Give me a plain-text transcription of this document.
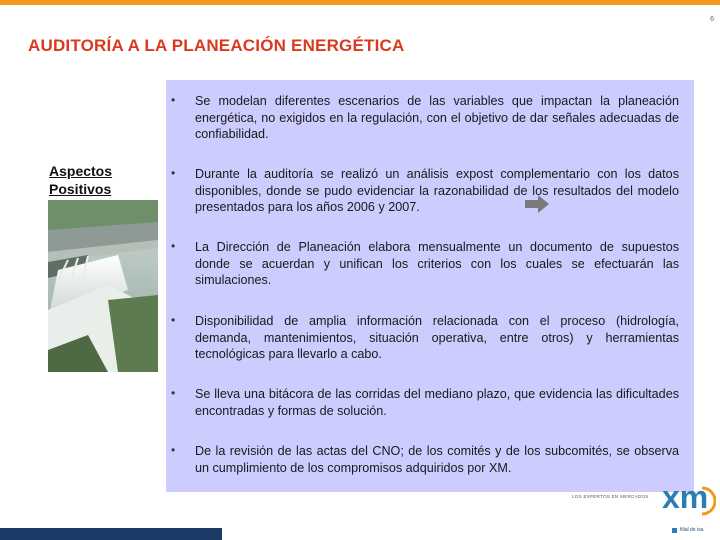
6
AUDITORÍA A LA PLANEACIÓN ENERGÉTICA
Aspectos Positivos
• Se modelan diferentes escenarios de las variables que impactan la planeación energética, no exigidos en la regulación, con el objetivo de dar señales adecuadas de confiabilidad.
• Durante la auditoría se realizó un análisis expost complementario con los datos disponibles, donde se pudo evidenciar la razonabilidad de los resultados del modelo presentados para los años 2006 y 2007.
• La Dirección de Planeación elabora mensualmente un documento de supuestos donde se acuerdan y unifican los criterios con los cuales se efectuarán las simulaciones.
• Disponibilidad de amplia información relacionada con el proceso (hidrología, demanda, mantenimientos, situación operativa, entre otros) y herramientas tecnológicas para llevarlo a cabo.
• Se lleva una bitácora de las corridas del mediano plazo, que evidencia las dificultades encontradas y formas de solución.
• De la revisión de las actas del CNO; de los comités y de los subcomités, se observa un cumplimiento de los compromisos adquiridos por XM.
LOS EXPERTOS EN MERCADOS xm
filial de isa
